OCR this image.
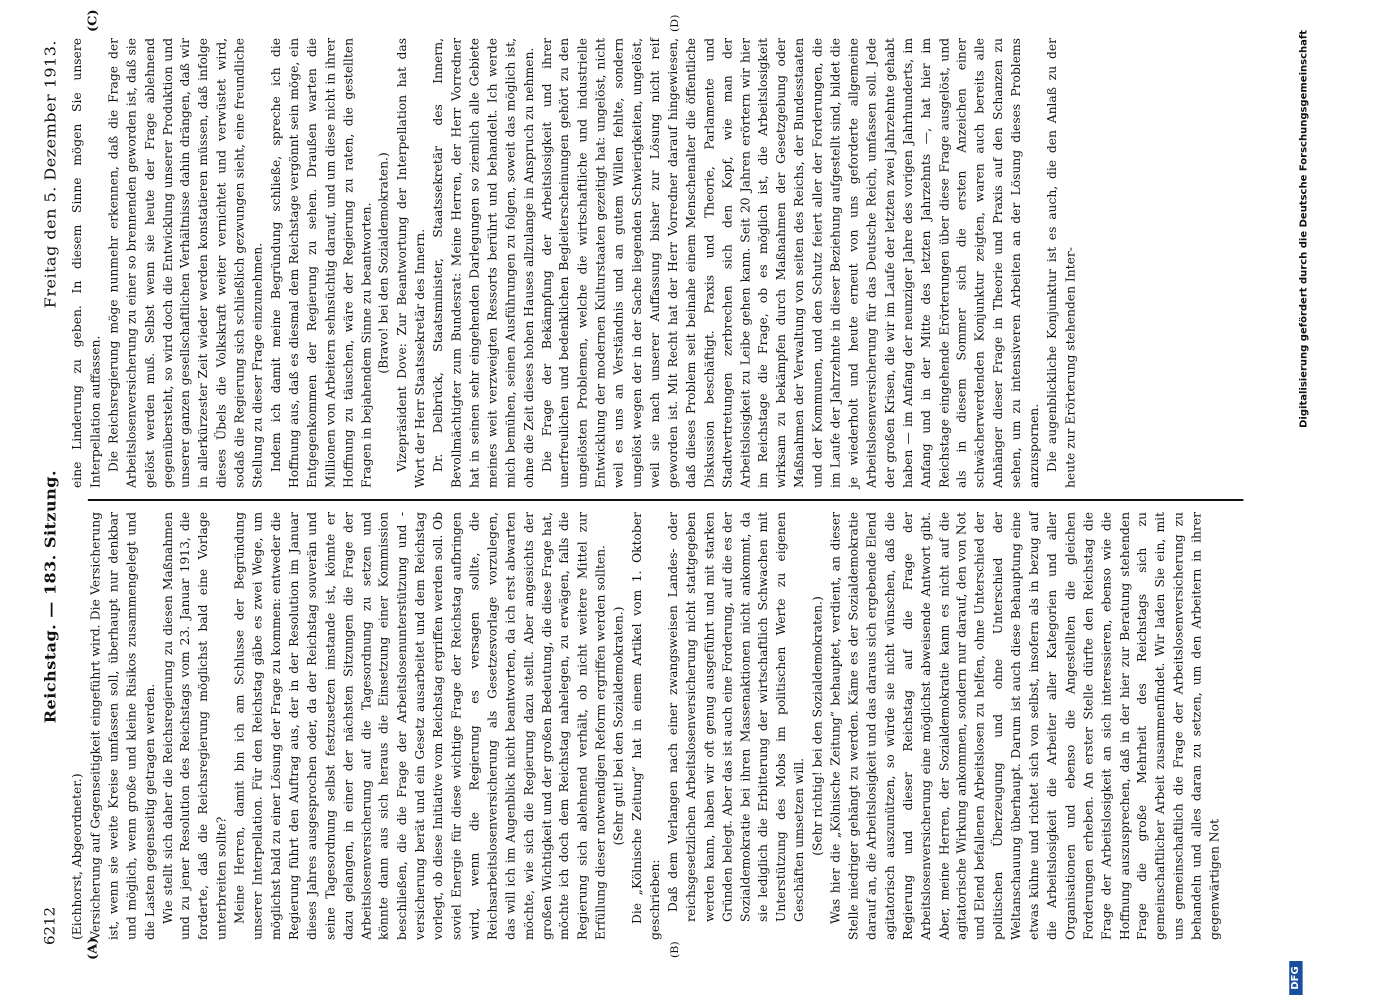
6212
Reichstag. — 183. Sitzung.
Freitag den 5. Dezember 1913.
(A)	(B)
(C)	(D)

(Eichhorst, Abgeordneter.) Versicherung auf Gegenseitigkeit eingeführt wird. Die Versicherung ist, wenn sie weite Kreise umfassen soll, überhaupt nur denkbar und möglich, wenn große und kleine Risikos zusammengelegt und die Lasten gegenseitig getragen werden. Wie stellt sich daher die Reichsregierung zu diesen Maßnahmen und zu jener Resolution des Reichstags vom 23. Januar 1913, die forderte, daß die Reichsregierung möglichst bald eine Vorlage unterbreiten sollte? Meine Herren, damit bin ich am Schlusse der Begründung unserer Interpellation. Für den Reichstag gäbe es zwei Wege, um möglichst bald zu einer Lösung der Frage zu kommen: entweder die Regierung führt den Auftrag aus, der in der Resolution im Januar dieses Jahres ausgesprochen oder, da der Reichstag souverän und seine Tagesordnung selbst festzusetzen imstande ist, könnte er dazu gelangen, in einer der nächsten Sitzungen die Frage der Arbeitslosenversicherung auf die Tagesordnung zu setzen und könnte dann aus sich heraus die Einsetzung einer Kommission beschließen, die die Frage der Arbeitslosenunterstützung und -versicherung berät und ein Gesetz ausarbeitet und dem Reichstag vorlegt, ob diese Initiative vom Reichstag ergriffen werden soll. Ob soviel Energie für diese wichtige Frage der Reichstag aufbringen wird, wenn die Regierung es versagen sollte, die Reichsarbeitslosenversicherung als Gesetzesvorlage vorzulegen, das will ich im Augenblick nicht beantworten, da ich erst abwarten möchte, wie sich die Regierung dazu stellt. Aber angesichts der großen Wichtigkeit und der großen Bedeutung, die diese Frage hat, möchte ich doch dem Reichstag nahelegen, zu erwägen, falls die Regierung sich ablehnend verhält, ob nicht weitere Mittel zur Erfüllung dieser notwendigen Reform ergriffen werden sollten. (Sehr gut! bei den Sozialdemokraten.) Die „Kölnische Zeitung“ hat in einem Artikel vom 1. Oktober geschrieben: Daß dem Verlangen nach einer zwangsweisen Landes- oder reichsgesetzlichen Arbeitslosenversicherung nicht stattgegeben werden kann, haben wir oft genug ausgeführt und mit starken Gründen belegt. Aber das ist auch eine Forderung, auf die es der Sozialdemokratie bei ihren Massenaktionen nicht ankommt, da sie lediglich die Erbitterung der wirtschaftlich Schwachen mit Unterstützung des Mobs im politischen Werte zu eigenen Geschäften umsetzen will. (Sehr richtig! bei den Sozialdemokraten.) Was hier die „Kölnische Zeitung“ behauptet, verdient, an dieser Stelle niedriger gehängt zu werden. Käme es der Sozialdemokratie darauf an, die Arbeitslosigkeit und das daraus sich ergebende Elend agitatorisch auszunützen, so würde sie nicht wünschen, daß die Regierung und dieser Reichstag auf die Frage der Arbeitslosenversicherung eine möglichst abweisende Antwort gibt. Aber, meine Herren, der Sozialdemokratie kann es nicht auf die agitatorische Wirkung ankommen, sondern nur darauf, den von Not und Elend befallenen Arbeitslosen zu helfen, ohne Unterschied der politischen Überzeugung und ohne Unterschied der Weltanschauung überhaupt. Darum ist auch diese Behauptung eine etwas kühne und richtet sich von selbst, insofern als in bezug auf die Arbeitslosigkeit die Arbeiter aller Kategorien und aller Organisationen und ebenso die Angestellten die gleichen Forderungen erheben. An erster Stelle dürfte den Reichstag die Frage der Arbeitslosigkeit an sich interessieren, ebenso wie die Hoffnung auszusprechen, daß in der hier zur Beratung stehenden Frage die große Mehrheit des Reichstags sich zu gemeinschaftlicher Arbeit zusammenfindet. Wir laden Sie ein, mit uns gemeinschaftlich die Frage der Arbeitslosenversicherung zu behandeln und alles daran zu setzen, um den Arbeitern in ihrer gegenwärtigen Not

eine Linderung zu geben. In diesem Sinne mögen Sie unsere Interpellation auffassen. Die Reichsregierung möge nunmehr erkennen, daß die Frage der Arbeitslosenversicherung zu einer so brennenden geworden ist, daß sie gelöst werden muß. Selbst wenn sie heute der Frage ablehnend gegenübersteht, so wird doch die Entwicklung unserer Produktion und unserer ganzen gesellschaftlichen Verhältnisse dahin drängen, daß wir in allerkürzester Zeit wieder werden konstatieren müssen, daß infolge dieses Übels die Volkskraft weiter vernichtet und verwüstet wird, sodaß die Regierung sich schließlich gezwungen sieht, eine freundliche Stellung zu dieser Frage einzunehmen. Indem ich damit meine Begründung schließe, spreche ich die Hoffnung aus, daß es diesmal dem Reichstage vergönnt sein möge, ein Entgegenkommen der Regierung zu sehen. Draußen warten die Millionen von Arbeitern sehnsüchtig darauf, und um diese nicht in ihrer Hoffnung zu täuschen, wäre der Regierung zu raten, die gestellten Fragen in bejahendem Sinne zu beantworten. (Bravo! bei den Sozialdemokraten.) Vizepräsident Dove: Zur Beantwortung der Interpellation hat das Wort der Herr Staatssekretär des Innern. Dr. Delbrück, Staatsminister, Staatssekretär des Innern, Bevollmächtigter zum Bundesrat: Meine Herren, der Herr Vorredner hat in seinen sehr eingehenden Darlegungen so ziemlich alle Gebiete meines weit verzweigten Ressorts berührt und behandelt. Ich werde mich bemühen, seinen Ausführungen zu folgen, soweit das möglich ist, ohne die Zeit dieses hohen Hauses allzulange in Anspruch zu nehmen. Die Frage der Bekämpfung der Arbeitslosigkeit und ihrer unerfreulichen und bedenklichen Begleiterscheinungen gehört zu den ungelösten Problemen, welche die wirtschaftliche und industrielle Entwicklung der modernen Kulturstaaten gezeitigt hat: ungelöst, nicht weil es uns an Verständnis und an gutem Willen fehlte, sondern ungelöst wegen der in der Sache liegenden Schwierigkeiten, ungelöst, weil sie nach unserer Auffassung bisher zur Lösung nicht reif geworden ist. Mit Recht hat der Herr Vorredner darauf hingewiesen, daß dieses Problem seit beinahe einem Menschenalter die öffentliche Diskussion beschäftigt. Praxis und Theorie, Parlamente und Stadtvertretungen zerbrechen sich den Kopf, wie man der Arbeitslosigkeit zu Leibe gehen kann. Seit 20 Jahren erörtern wir hier im Reichstage die Frage, ob es möglich ist, die Arbeitslosigkeit wirksam zu bekämpfen durch Maßnahmen der Gesetzgebung oder Maßnahmen der Verwaltung von seiten des Reichs, der Bundesstaaten und der Kommunen, und den Schutz feiert aller der Forderungen, die im Laufe der Jahrzehnte in dieser Beziehung aufgestellt sind, bildet die je wiederholt und heute erneut von uns geforderte allgemeine Arbeitslosenversicherung für das Deutsche Reich, umfassen soll. Jede der großen Krisen, die wir im Laufe der letzten zwei Jahrzehnte gehabt haben — im Anfang der neunziger Jahre des vorigen Jahrhunderts, im Anfang und in der Mitte des letzten Jahrzehnts —, hat hier im Reichstage eingehende Erörterungen über diese Frage ausgelöst, und als in diesem Sommer sich die ersten Anzeichen einer schwächerwerdenden Konjunktur zeigten, waren auch bereits alle Anhänger dieser Frage in Theorie und Praxis auf den Schanzen zu sehen, um zu intensiveren Arbeiten an der Lösung dieses Problems anzuspornen. Die augenblickliche Konjunktur ist es auch, die den Anlaß zu der heute zur Erörterung stehenden Inter-	Digitalisierung gefördert durch die Deutsche Forschungsgemeinschaft
DFG
